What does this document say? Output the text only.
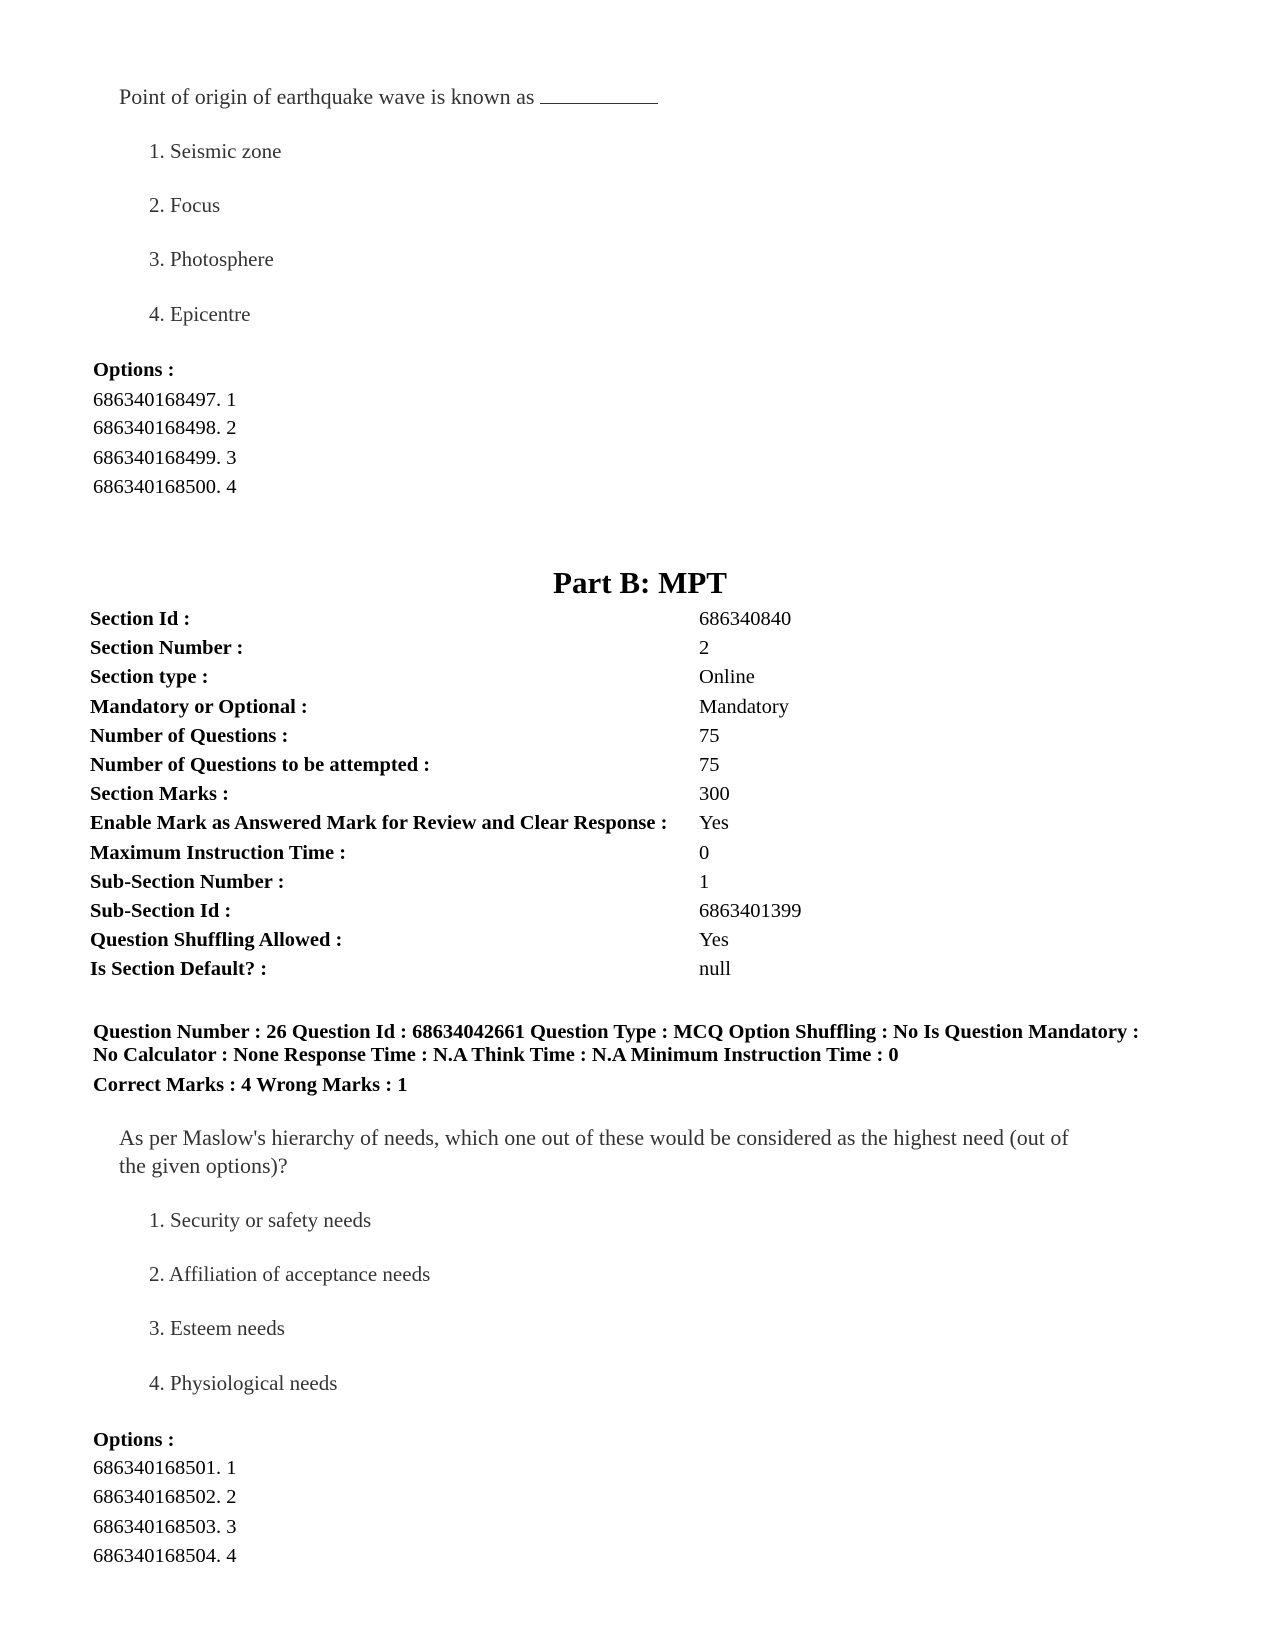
Point of origin of earthquake wave is known as
1. Seismic zone
2. Focus
3. Photosphere
4. Epicentre
Options :
686340168497. 1
686340168498. 2
686340168499. 3
686340168500. 4
Part B: MPT
Section Id :	686340840
Section Number :	2
Section type :	Online
Mandatory or Optional :	Mandatory
Number of Questions :	75
Number of Questions to be attempted :	75
Section Marks :	300
Enable Mark as Answered Mark for Review and Clear Response : Yes
Maximum Instruction Time :	0
Sub-Section Number :	1
Sub-Section Id :	6863401399
Question Shuffling Allowed :	Yes
Is Section Default? :	null
Question Number : 26 Question Id : 68634042661 Question Type : MCQ Option Shuffling : No Is Question Mandatory :
No Calculator : None Response Time : N.A Think Time : N.A Minimum Instruction Time : 0
Correct Marks : 4 Wrong Marks : 1
As per Maslow's hierarchy of needs, which one out of these would be considered as the highest need (out of
the given options)?
1. Security or safety needs
2. Affiliation of acceptance needs
3. Esteem needs
4. Physiological needs
Options :
686340168501. 1
686340168502. 2
686340168503. 3
686340168504. 4
